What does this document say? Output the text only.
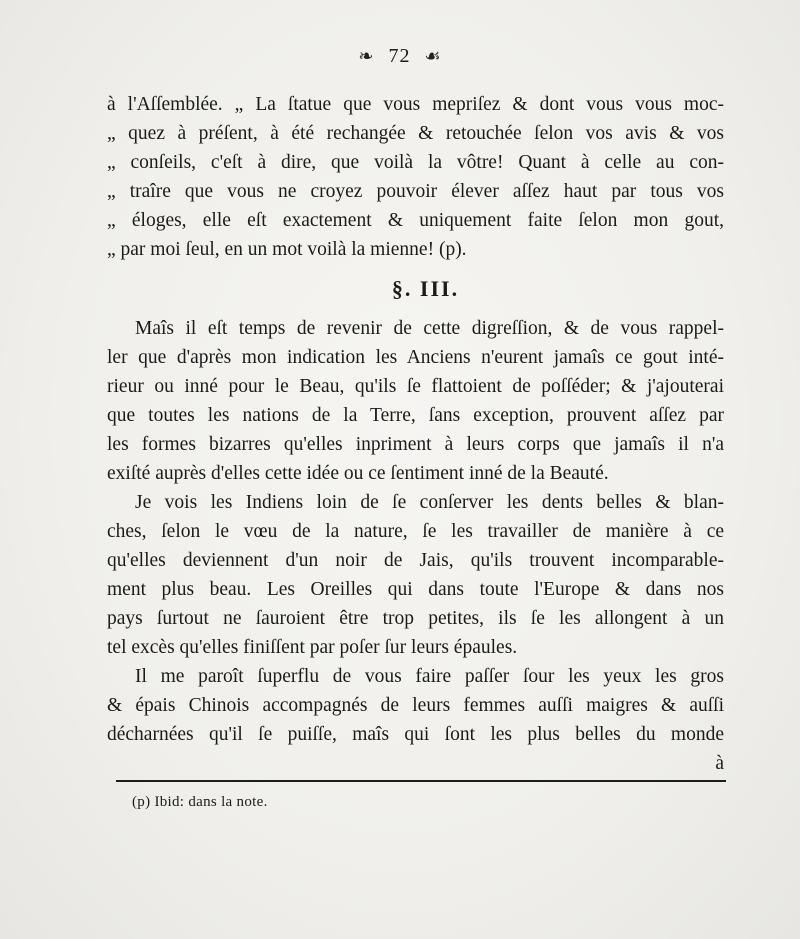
❧ 72 ☙
à l'Aſſemblée. „ La ſtatue que vous mepriſez & dont vous vous moc-
„ quez à préſent, à été rechangée & retouchée ſelon vos avis & vos
„ conſeils, c'eſt à dire, que voilà la vôtre! Quant à celle au con-
„ traîre que vous ne croyez pouvoir élever aſſez haut par tous vos
„ éloges, elle eſt exactement & uniquement faite ſelon mon gout,
„ par moi ſeul, en un mot voilà la mienne! (p).
§. III.
Maîs il eſt temps de revenir de cette digreſſion, & de vous rappel-
ler que d'après mon indication les Anciens n'eurent jamaîs ce gout inté-
rieur ou inné pour le Beau, qu'ils ſe flattoient de poſſéder; & j'ajouterai
que toutes les nations de la Terre, ſans exception, prouvent aſſez par
les formes bizarres qu'elles inpriment à leurs corps que jamaîs il n'a
exiſté auprès d'elles cette idée ou ce ſentiment inné de la Beauté.
Je vois les Indiens loin de ſe conſerver les dents belles & blan-
ches, ſelon le vœu de la nature, ſe les travailler de manière à ce
qu'elles deviennent d'un noir de Jais, qu'ils trouvent incomparable-
ment plus beau. Les Oreilles qui dans toute l'Europe & dans nos
pays ſurtout ne ſauroient être trop petites, ils ſe les allongent à un
tel excès qu'elles finiſſent par poſer ſur leurs épaules.
Il me paroît ſuperflu de vous faire paſſer ſour les yeux les gros
& épais Chinois accompagnés de leurs femmes auſſi maigres & auſſi
décharnées qu'il ſe puiſſe, maîs qui ſont les plus belles du monde
à
(p) Ibid: dans la note.
